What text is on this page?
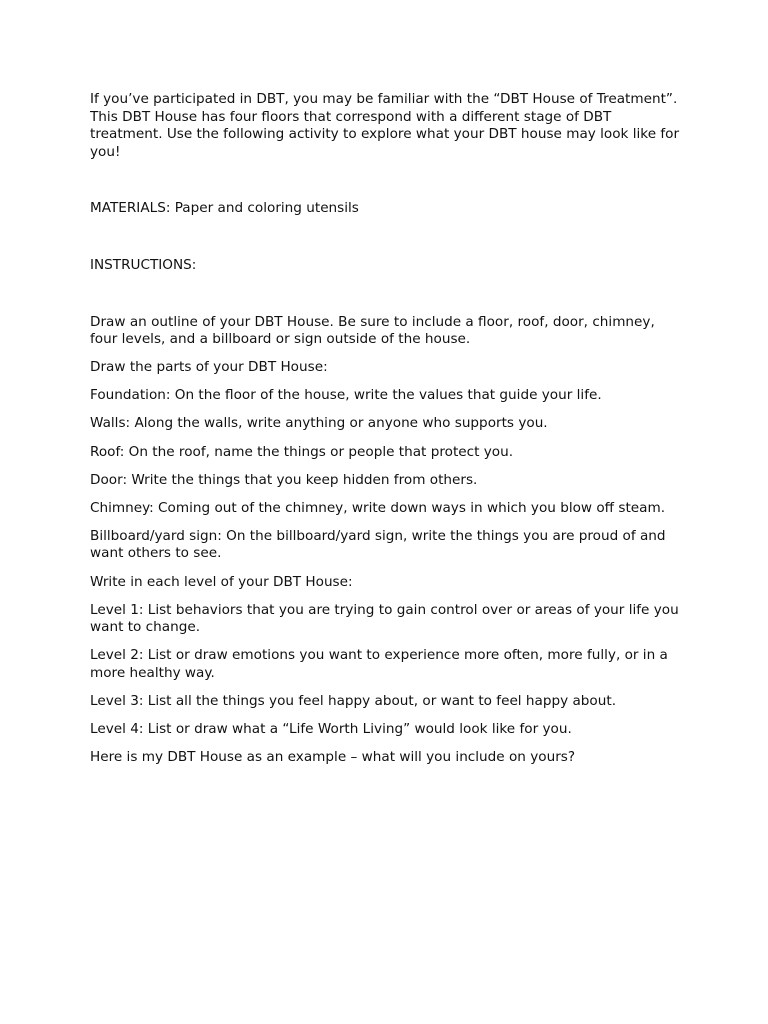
If you’ve participated in DBT, you may be familiar with the “DBT House of Treatment”. This DBT House has four floors that correspond with a different stage of DBT treatment. Use the following activity to explore what your DBT house may look like for you!

MATERIALS: Paper and coloring utensils

INSTRUCTIONS:

Draw an outline of your DBT House. Be sure to include a floor, roof, door, chimney, four levels, and a billboard or sign outside of the house.

Draw the parts of your DBT House:

Foundation: On the floor of the house, write the values that guide your life.

Walls: Along the walls, write anything or anyone who supports you.

Roof: On the roof, name the things or people that protect you.

Door: Write the things that you keep hidden from others.

Chimney: Coming out of the chimney, write down ways in which you blow off steam.

Billboard/yard sign: On the billboard/yard sign, write the things you are proud of and want others to see.

Write in each level of your DBT House:

Level 1: List behaviors that you are trying to gain control over or areas of your life you want to change.

Level 2: List or draw emotions you want to experience more often, more fully, or in a more healthy way.

Level 3: List all the things you feel happy about, or want to feel happy about.

Level 4: List or draw what a “Life Worth Living” would look like for you.

Here is my DBT House as an example – what will you include on yours?
